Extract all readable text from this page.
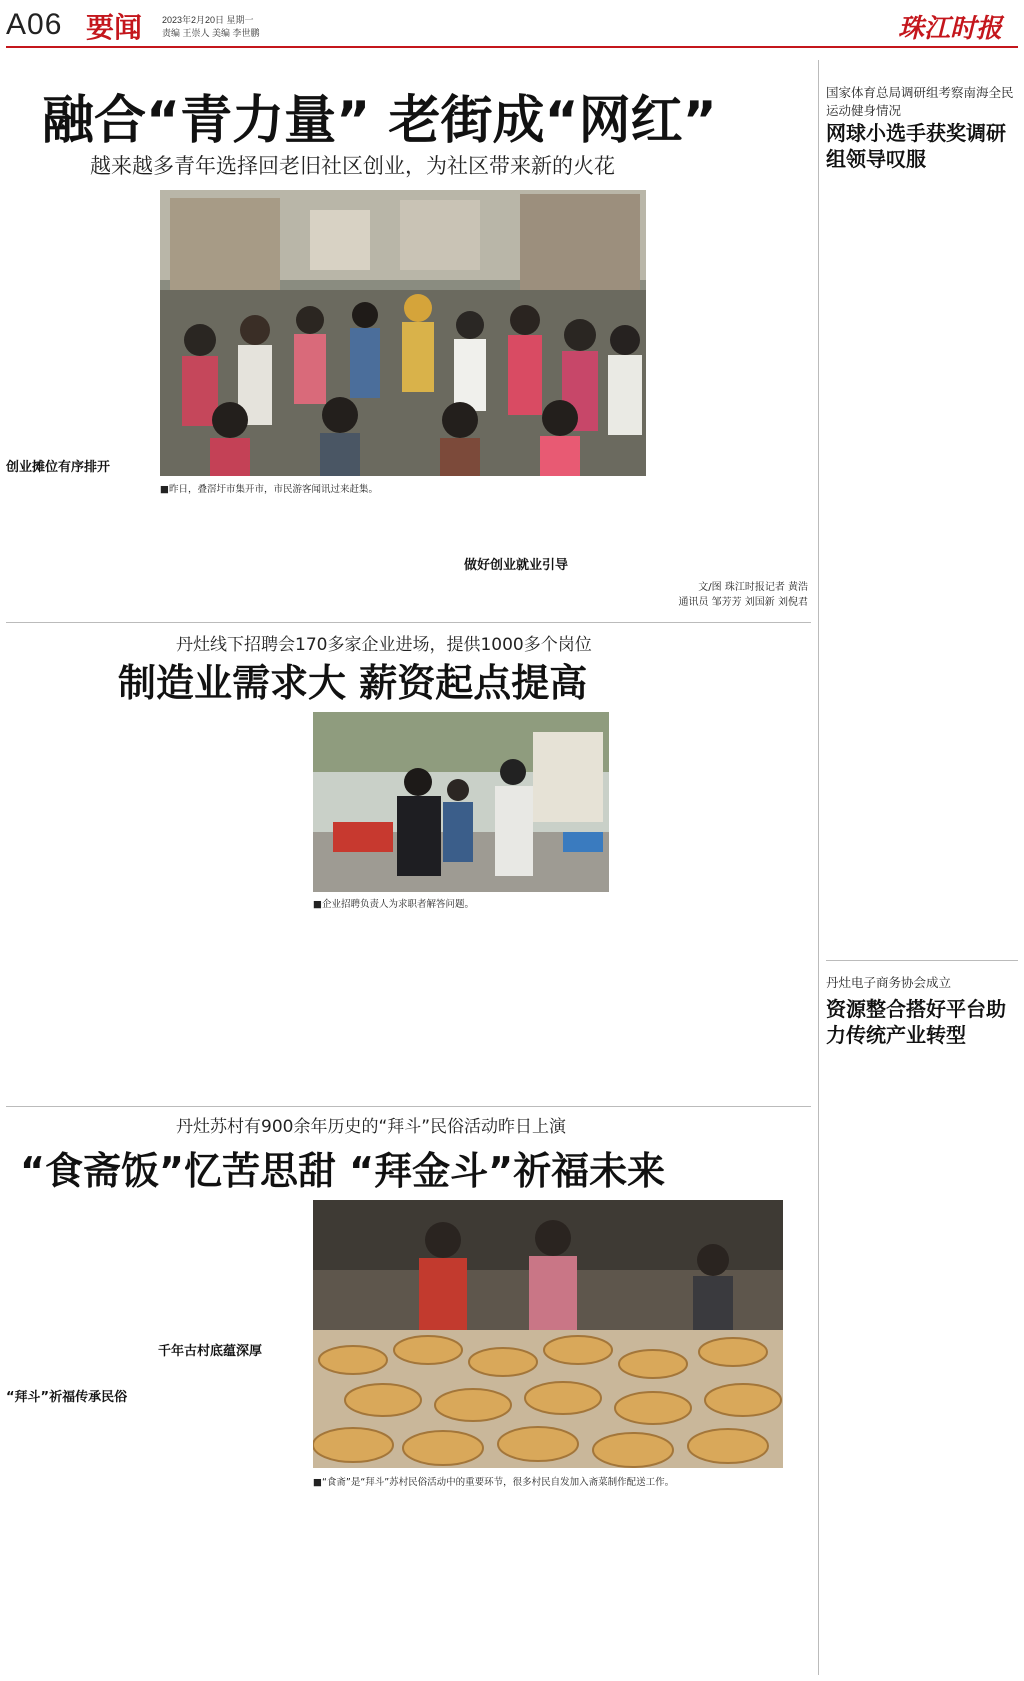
A06 要闻 2023年2月20日 星期一
责编 王崇人 美编 李世鹏	珠江时报
融合“青力量” 老街成“网红”
越来越多青年选择回老旧社区创业，为社区带来新的火花
创业摊位有序排开
■昨日，叠滘圩市集开市，市民游客闻讯过来赶集。
做好创业就业引导
文/图 珠江时报记者 黄浩
通讯员 邹芳芳 刘国新 刘倪君
丹灶线下招聘会170多家企业进场，提供1000多个岗位
制造业需求大 薪资起点提高
■企业招聘负责人为求职者解答问题。
丹灶苏村有900余年历史的“拜斗”民俗活动昨日上演
“食斋饭”忆苦思甜 “拜金斗”祈福未来
“拜斗”祈福传承民俗
千年古村底蕴深厚
■“食斋”是“拜斗”苏村民俗活动中的重要环节，很多村民自发加入斋菜制作配送工作。
国家体育总局调研组考察南海全民运动健身情况
网球小选手获奖调研组领导叹服
丹灶电子商务协会成立
资源整合搭好平台助力传统产业转型
